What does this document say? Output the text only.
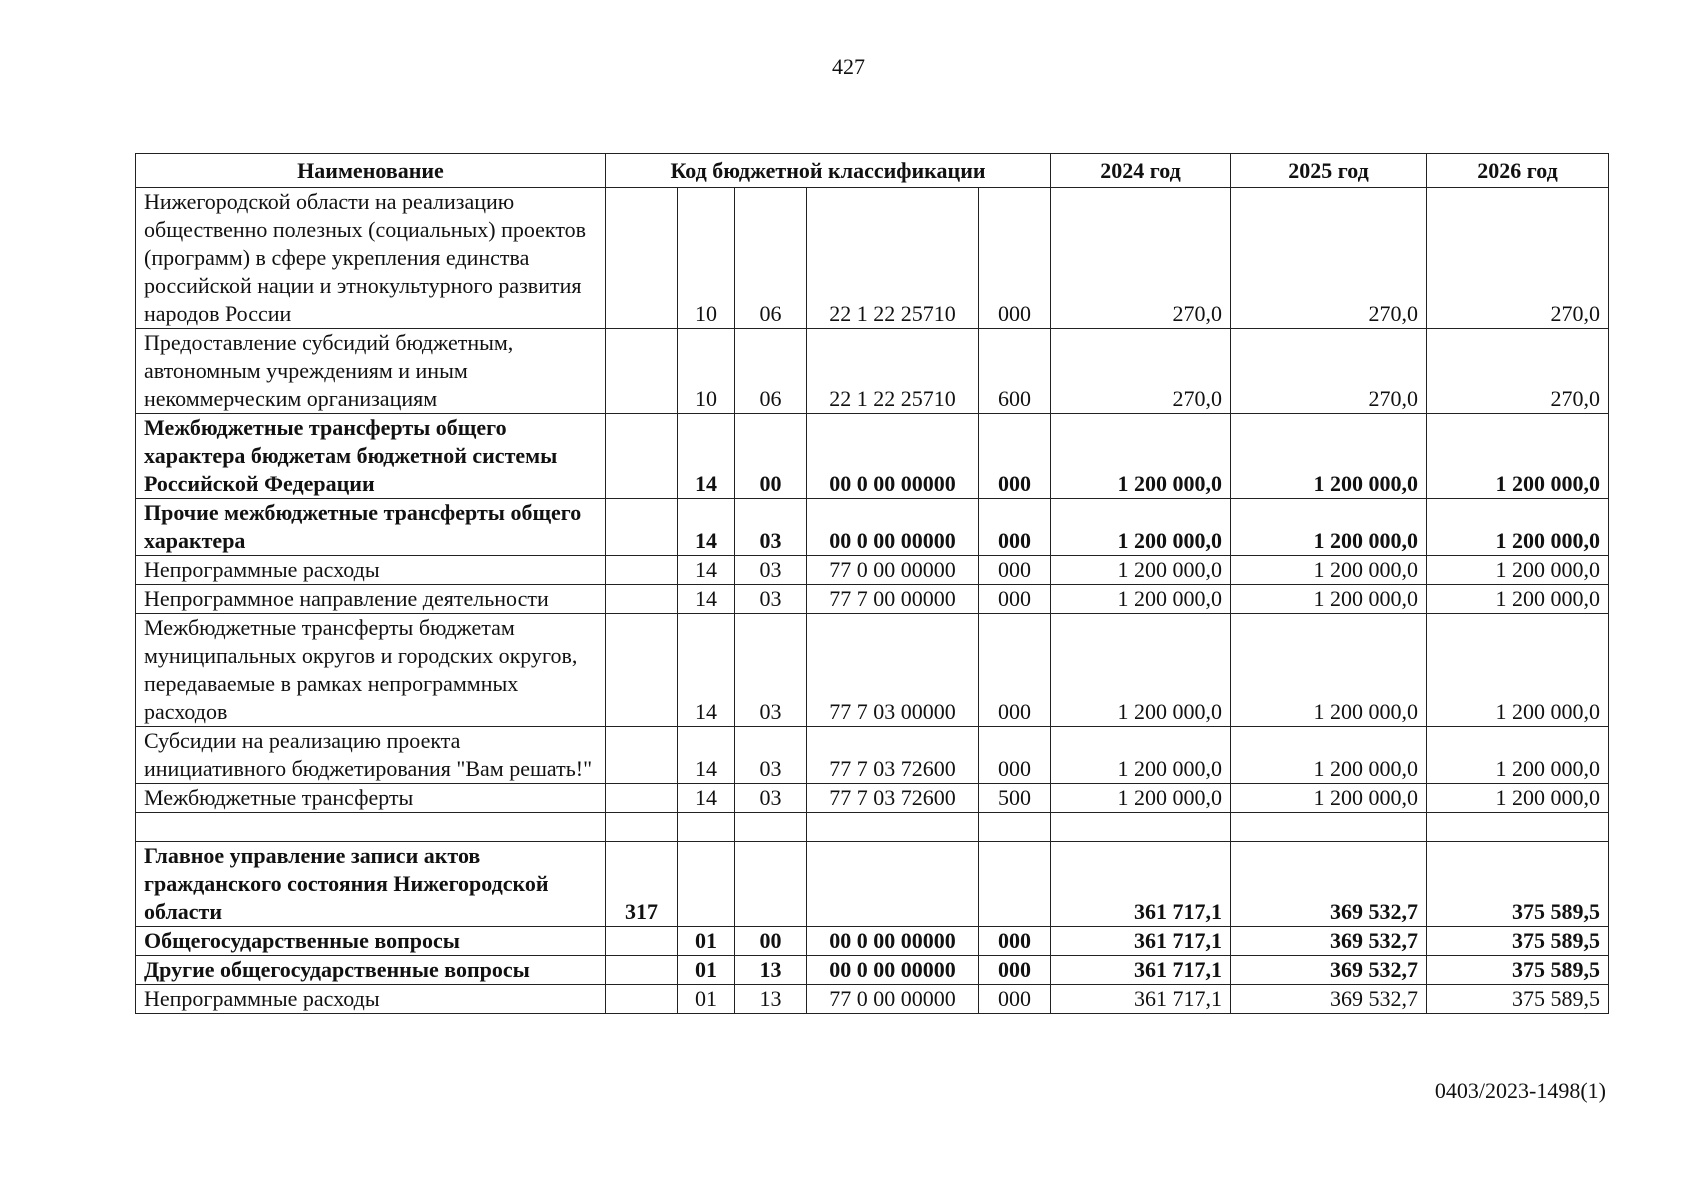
427
Наименование	Код бюджетной классификации					2024 год	2025 год	2026 год
Нижегородской области на реализацию общественно полезных (социальных) проектов (программ) в сфере укрепления единства российской нации и этнокультурного развития народов России		10	06	22 1 22 25710	000	270,0	270,0	270,0
Предоставление субсидий бюджетным, автономным учреждениям и иным некоммерческим организациям		10	06	22 1 22 25710	600	270,0	270,0	270,0
Межбюджетные трансферты общего характера бюджетам бюджетной системы Российской Федерации		14	00	00 0 00 00000	000	1 200 000,0	1 200 000,0	1 200 000,0
Прочие межбюджетные трансферты общего характера		14	03	00 0 00 00000	000	1 200 000,0	1 200 000,0	1 200 000,0
Непрограммные расходы		14	03	77 0 00 00000	000	1 200 000,0	1 200 000,0	1 200 000,0
Непрограммное направление деятельности		14	03	77 7 00 00000	000	1 200 000,0	1 200 000,0	1 200 000,0
Межбюджетные трансферты бюджетам муниципальных округов и городских округов, передаваемые в рамках непрограммных расходов		14	03	77 7 03 00000	000	1 200 000,0	1 200 000,0	1 200 000,0
Субсидии на реализацию проекта инициативного бюджетирования "Вам решать!"		14	03	77 7 03 72600	000	1 200 000,0	1 200 000,0	1 200 000,0
Межбюджетные трансферты		14	03	77 7 03 72600	500	1 200 000,0	1 200 000,0	1 200 000,0

Главное управление записи актов гражданского состояния Нижегородской области	317					361 717,1	369 532,7	375 589,5
Общегосударственные вопросы		01	00	00 0 00 00000	000	361 717,1	369 532,7	375 589,5
Другие общегосударственные вопросы		01	13	00 0 00 00000	000	361 717,1	369 532,7	375 589,5
Непрограммные расходы		01	13	77 0 00 00000	000	361 717,1	369 532,7	375 589,5
0403/2023-1498(1)
